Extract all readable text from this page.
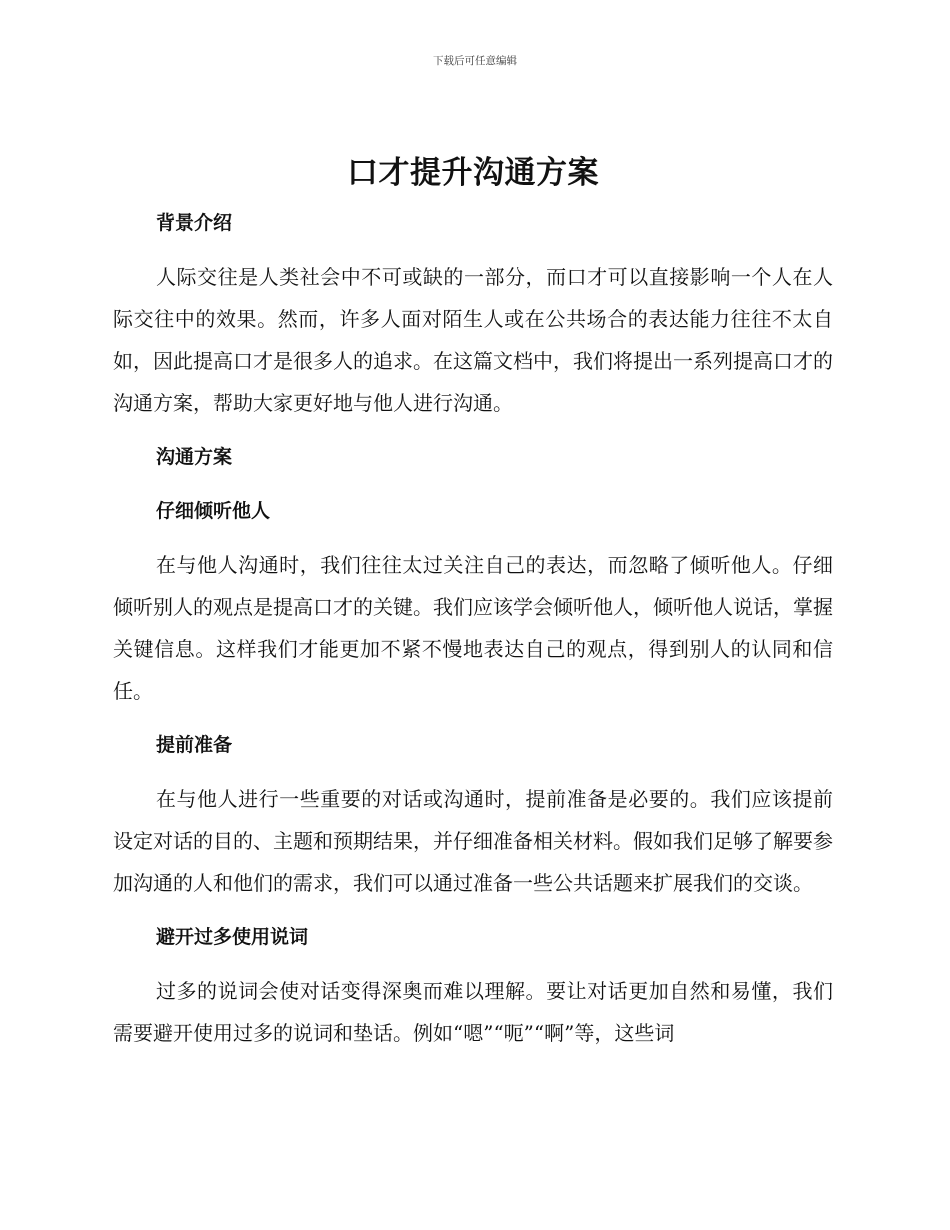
下载后可任意编辑
口才提升沟通方案
背景介绍

人际交往是人类社会中不可或缺的一部分，而口才可以直接影响一个人在人际交往中的效果。然而，许多人面对陌生人或在公共场合的表达能力往往不太自如，因此提高口才是很多人的追求。在这篇文档中，我们将提出一系列提高口才的沟通方案，帮助大家更好地与他人进行沟通。

沟通方案
仔细倾听他人

在与他人沟通时，我们往往太过关注自己的表达，而忽略了倾听他人。仔细倾听别人的观点是提高口才的关键。我们应该学会倾听他人，倾听他人说话，掌握关键信息。这样我们才能更加不紧不慢地表达自己的观点，得到别人的认同和信任。

提前准备

在与他人进行一些重要的对话或沟通时，提前准备是必要的。我们应该提前设定对话的目的、主题和预期结果，并仔细准备相关材料。假如我们足够了解要参加沟通的人和他们的需求，我们可以通过准备一些公共话题来扩展我们的交谈。

避开过多使用说词

过多的说词会使对话变得深奥而难以理解。要让对话更加自然和易懂，我们需要避开使用过多的说词和垫话。例如“嗯”“呃”“啊”等，这些词
